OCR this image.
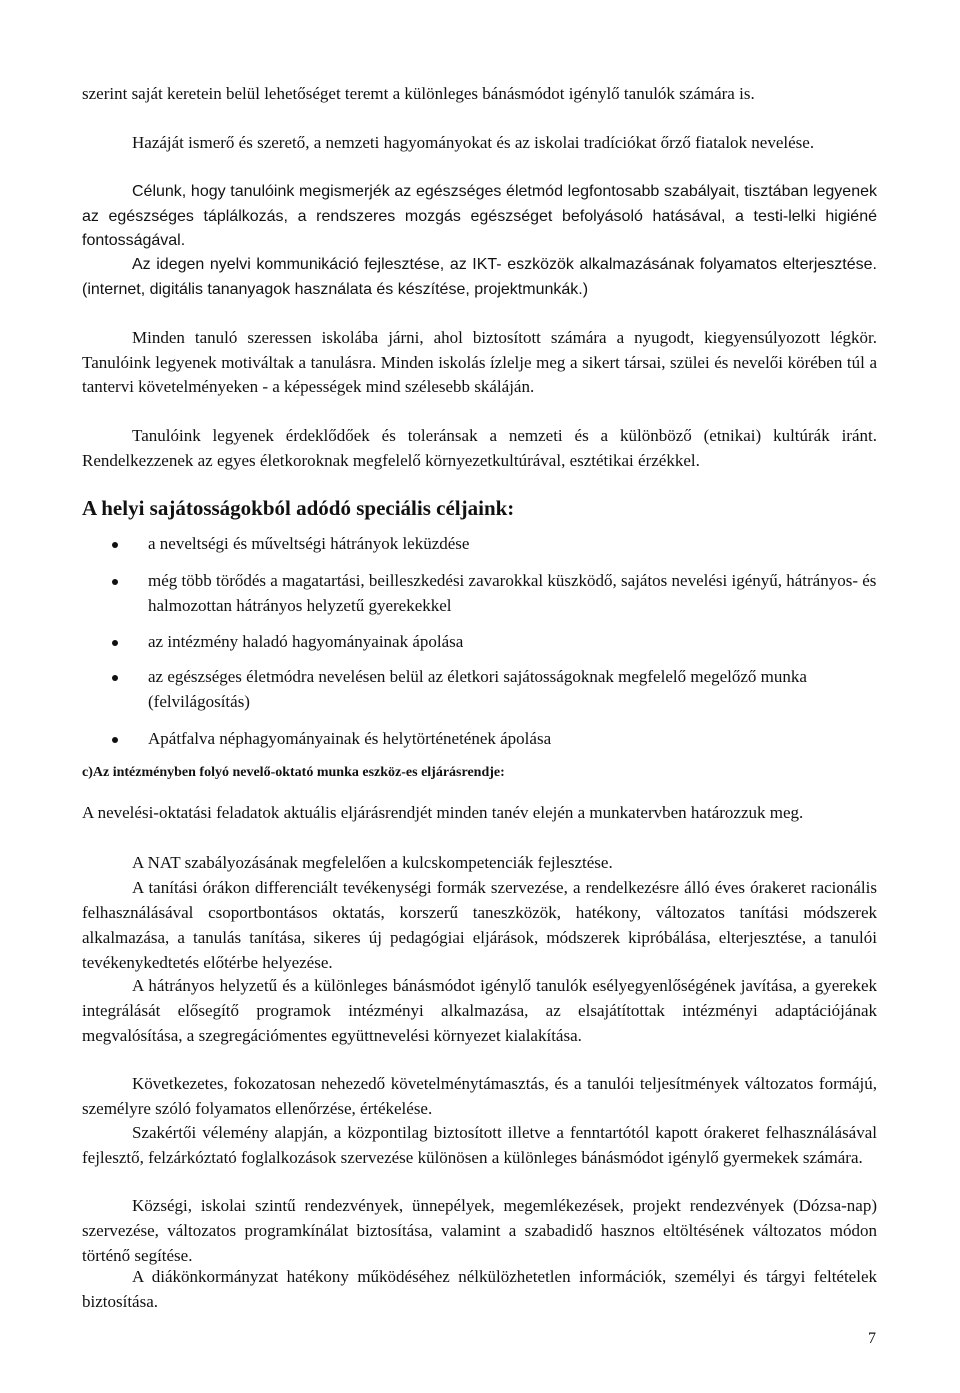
szerint saját keretein belül lehetőséget teremt a különleges bánásmódot igénylő tanulók számára is.

Hazáját ismerő és szerető, a nemzeti hagyományokat és az iskolai tradíciókat őrző fiatalok nevelése.

Célunk, hogy tanulóink megismerjék az egészséges életmód legfontosabb szabályait, tisztában legyenek az egészséges táplálkozás, a rendszeres mozgás egészséget befolyásoló hatásával, a testi-lelki higiéné fontosságával.

Az idegen nyelvi kommunikáció fejlesztése, az IKT- eszközök alkalmazásának folyamatos elterjesztése. (internet, digitális tananyagok használata és készítése, projektmunkák.)

Minden tanuló szeressen iskolába járni, ahol biztosított számára a nyugodt, kiegyensúlyozott légkör. Tanulóink legyenek motiváltak a tanulásra. Minden iskolás ízlelje meg a sikert társai, szülei és nevelői körében túl a tantervi követelményeken - a képességek mind szélesebb skáláján.

Tanulóink legyenek érdeklődőek és toleránsak a nemzeti és a különböző (etnikai) kultúrák iránt. Rendelkezzenek az egyes életkoroknak megfelelő környezetkultúrával, esztétikai érzékkel.

A helyi sajátosságokból adódó speciális céljaink:
a neveltségi és műveltségi hátrányok leküzdése
még több törődés a magatartási, beilleszkedési zavarokkal küszködő, sajátos nevelési igényű, hátrányos- és halmozottan hátrányos helyzetű gyerekekkel
az intézmény haladó hagyományainak ápolása
az egészséges életmódra nevelésen belül az életkori sajátosságoknak megfelelő megelőző munka (felvilágosítás)
Apátfalva néphagyományainak és helytörténetének ápolása
c)Az intézményben folyó nevelő-oktató munka eszköz-es eljárásrendje:

A nevelési-oktatási feladatok aktuális eljárásrendjét minden tanév elején a munkatervben határozzuk meg.

A NAT szabályozásának megfelelően a kulcskompetenciák fejlesztése.

A tanítási órákon differenciált tevékenységi formák szervezése, a rendelkezésre álló éves órakeret racionális felhasználásával csoportbontásos oktatás, korszerű taneszközök, hatékony, változatos tanítási módszerek alkalmazása, a tanulás tanítása, sikeres új pedagógiai eljárások, módszerek kipróbálása, elterjesztése, a tanulói tevékenykedtetés előtérbe helyezése.

A hátrányos helyzetű és a különleges bánásmódot igénylő tanulók esélyegyenlőségének javítása, a gyerekek integrálását elősegítő programok intézményi alkalmazása, az elsajátítottak intézményi adaptációjának megvalósítása, a szegregációmentes együttnevelési környezet kialakítása.

Következetes, fokozatosan nehezedő követelménytámasztás, és a tanulói teljesítmények változatos formájú, személyre szóló folyamatos ellenőrzése, értékelése.

Szakértői vélemény alapján, a központilag biztosított illetve a fenntartótól kapott órakeret felhasználásával fejlesztő, felzárkóztató foglalkozások szervezése különösen a különleges bánásmódot igénylő gyermekek számára.

Községi, iskolai szintű rendezvények, ünnepélyek, megemlékezések, projekt rendezvények (Dózsa-nap) szervezése, változatos programkínálat biztosítása, valamint a szabadidő hasznos eltöltésének változatos módon történő segítése.

A diákönkormányzat hatékony működéséhez nélkülözhetetlen információk, személyi és tárgyi feltételek biztosítása.

7
